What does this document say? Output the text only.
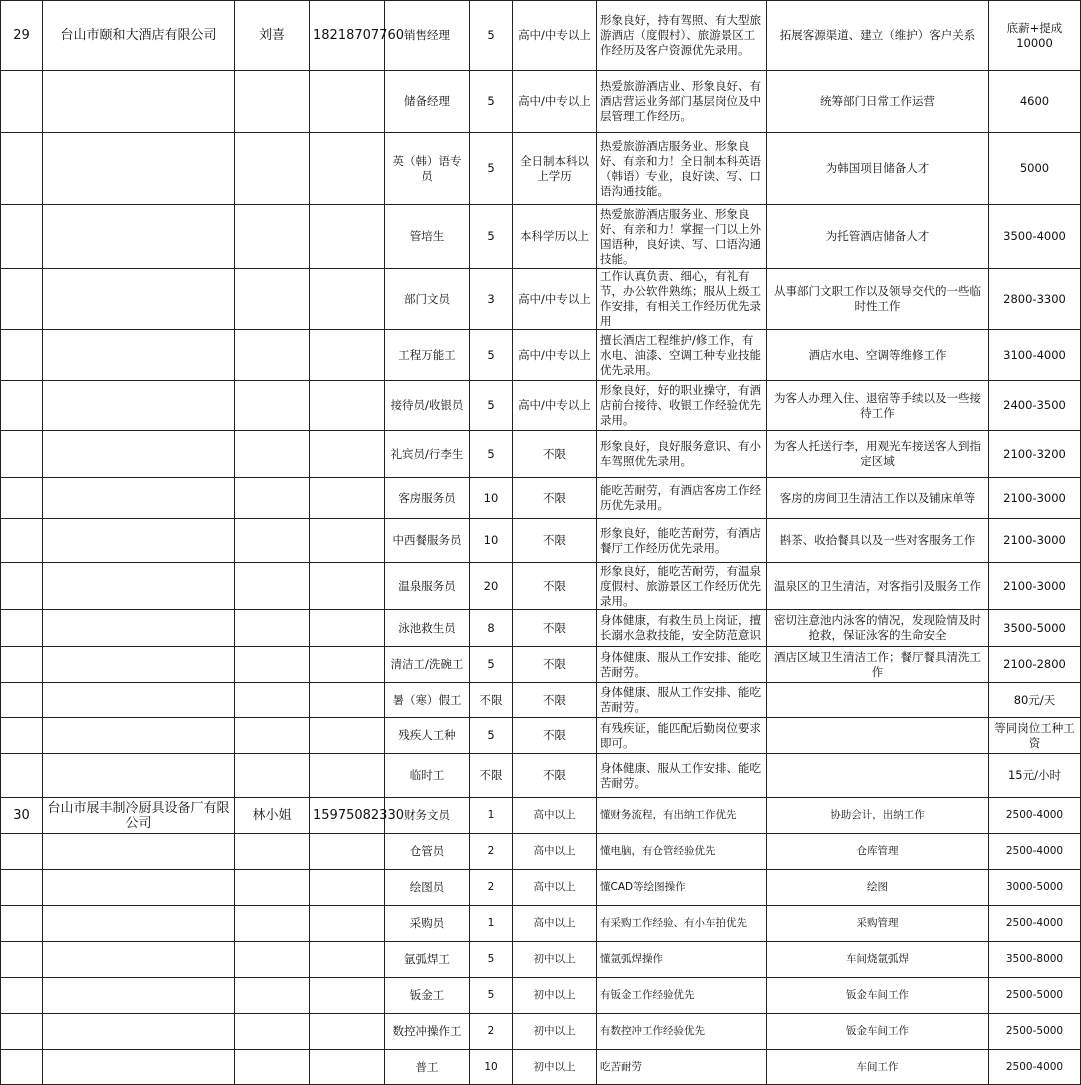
29	台山市颐和大酒店有限公司	刘喜	18218707760	销售经理	5	高中/中专以上	形象良好，持有驾照、有大型旅游酒店（度假村）、旅游景区工作经历及客户资源优先录用。	拓展客源渠道、建立（维护）客户关系	底薪+提成10000
				储备经理	5	高中/中专以上	热爱旅游酒店业、形象良好、有酒店营运业务部门基层岗位及中层管理工作经历。	统筹部门日常工作运营	4600
				英（韩）语专员	5	全日制本科以上学历	热爱旅游酒店服务业、形象良好、有亲和力！全日制本科英语（韩语）专业，良好读、写、口语沟通技能。	为韩国项目储备人才	5000
				管培生	5	本科学历以上	热爱旅游酒店服务业、形象良好、有亲和力！掌握一门以上外国语种，良好读、写、口语沟通技能。	为托管酒店储备人才	3500-4000
				部门文员	3	高中/中专以上	工作认真负责、细心，有礼有节，办公软件熟练；服从上级工作安排，有相关工作经历优先录用	从事部门文职工作以及领导交代的一些临时性工作	2800-3300
				工程万能工	5	高中/中专以上	擅长酒店工程维护/修工作，有水电、油漆、空调工种专业技能优先录用。	酒店水电、空调等维修工作	3100-4000
				接待员/收银员	5	高中/中专以上	形象良好，好的职业操守，有酒店前台接待、收银工作经验优先录用。	为客人办理入住、退宿等手续以及一些接待工作	2400-3500
				礼宾员/行李生	5	不限	形象良好，良好服务意识、有小车驾照优先录用。	为客人托送行李，用观光车接送客人到指定区域	2100-3200
				客房服务员	10	不限	能吃苦耐劳，有酒店客房工作经历优先录用。	客房的房间卫生清洁工作以及铺床单等	2100-3000
				中西餐服务员	10	不限	形象良好，能吃苦耐劳，有酒店餐厅工作经历优先录用。	斟茶、收拾餐具以及一些对客服务工作	2100-3000
				温泉服务员	20	不限	形象良好，能吃苦耐劳，有温泉度假村、旅游景区工作经历优先录用。	温泉区的卫生清洁，对客指引及服务工作	2100-3000
				泳池救生员	8	不限	身体健康，有救生员上岗证，擅长溺水急救技能，安全防范意识	密切注意池内泳客的情况，发现险情及时抢救，保证泳客的生命安全	3500-5000
				清洁工/洗碗工	5	不限	身体健康、服从工作安排、能吃苦耐劳。	酒店区域卫生清洁工作；餐厅餐具清洗工作	2100-2800
				暑（寒）假工	不限	不限	身体健康、服从工作安排、能吃苦耐劳。		80元/天
				残疾人工种	5	不限	有残疾证，能匹配后勤岗位要求即可。		等同岗位工种工资
				临时工	不限	不限	身体健康、服从工作安排、能吃苦耐劳。		15元/小时
30	台山市展丰制冷厨具设备厂有限公司	林小姐	15975082330	财务文员	1	高中以上	懂财务流程，有出纳工作优先	协助会计，出纳工作	2500-4000
				仓管员	2	高中以上	懂电脑，有仓管经验优先	仓库管理	2500-4000
				绘图员	2	高中以上	懂CAD等绘图操作	绘图	3000-5000
				采购员	1	高中以上	有采购工作经验、有小车拍优先	采购管理	2500-4000
				氩弧焊工	5	初中以上	懂氩弧焊操作	车间烧氩弧焊	3500-8000
				钣金工	5	初中以上	有钣金工作经验优先	钣金车间工作	2500-5000
				数控冲操作工	2	初中以上	有数控冲工作经验优先	钣金车间工作	2500-5000
				普工	10	初中以上	吃苦耐劳	车间工作	2500-4000
